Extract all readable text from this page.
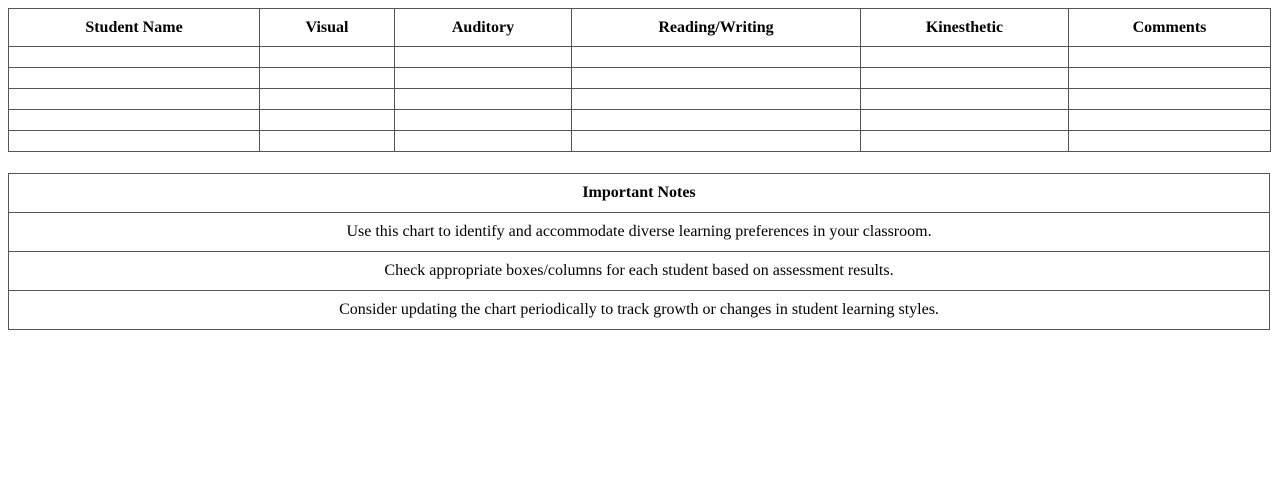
Student Name	Visual	Auditory	Reading/Writing	Kinesthetic	Comments

Important Notes
Use this chart to identify and accommodate diverse learning preferences in your classroom.
Check appropriate boxes/columns for each student based on assessment results.
Consider updating the chart periodically to track growth or changes in student learning styles.
